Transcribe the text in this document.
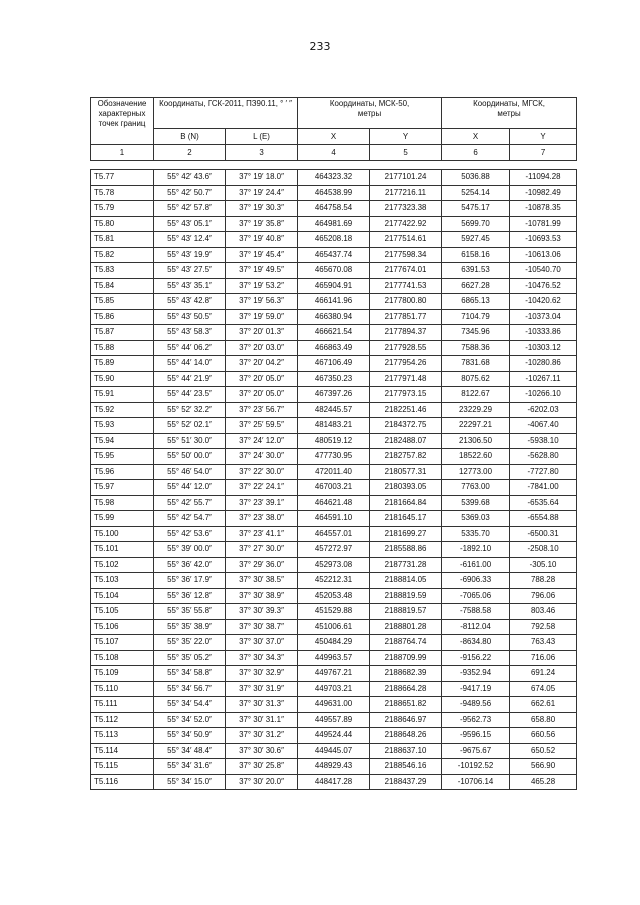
233
Обозначение
характерных
точек границ	Координаты, ГСК-2011, ПЗ90.11, ° ′ ″		Координаты, МСК-50, метры		Координаты, МГСК, метры	
	B (N)	L (E)	X	Y	X	Y
1	2	3	4	5	6	7

Т5.77	55° 42′ 43.6″	37° 19′ 18.0″	464323.32	2177101.24	5036.88	-11094.28
Т5.78	55° 42′ 50.7″	37° 19′ 24.4″	464538.99	2177216.11	5254.14	-10982.49
Т5.79	55° 42′ 57.8″	37° 19′ 30.3″	464758.54	2177323.38	5475.17	-10878.35
Т5.80	55° 43′ 05.1″	37° 19′ 35.8″	464981.69	2177422.92	5699.70	-10781.99
Т5.81	55° 43′ 12.4″	37° 19′ 40.8″	465208.18	2177514.61	5927.45	-10693.53
Т5.82	55° 43′ 19.9″	37° 19′ 45.4″	465437.74	2177598.34	6158.16	-10613.06
Т5.83	55° 43′ 27.5″	37° 19′ 49.5″	465670.08	2177674.01	6391.53	-10540.70
Т5.84	55° 43′ 35.1″	37° 19′ 53.2″	465904.91	2177741.53	6627.28	-10476.52
Т5.85	55° 43′ 42.8″	37° 19′ 56.3″	466141.96	2177800.80	6865.13	-10420.62
Т5.86	55° 43′ 50.5″	37° 19′ 59.0″	466380.94	2177851.77	7104.79	-10373.04
Т5.87	55° 43′ 58.3″	37° 20′ 01.3″	466621.54	2177894.37	7345.96	-10333.86
Т5.88	55° 44′ 06.2″	37° 20′ 03.0″	466863.49	2177928.55	7588.36	-10303.12
Т5.89	55° 44′ 14.0″	37° 20′ 04.2″	467106.49	2177954.26	7831.68	-10280.86
Т5.90	55° 44′ 21.9″	37° 20′ 05.0″	467350.23	2177971.48	8075.62	-10267.11
Т5.91	55° 44′ 23.5″	37° 20′ 05.0″	467397.26	2177973.15	8122.67	-10266.10
Т5.92	55° 52′ 32.2″	37° 23′ 56.7″	482445.57	2182251.46	23229.29	-6202.03
Т5.93	55° 52′ 02.1″	37° 25′ 59.5″	481483.21	2184372.75	22297.21	-4067.40
Т5.94	55° 51′ 30.0″	37° 24′ 12.0″	480519.12	2182488.07	21306.50	-5938.10
Т5.95	55° 50′ 00.0″	37° 24′ 30.0″	477730.95	2182757.82	18522.60	-5628.80
Т5.96	55° 46′ 54.0″	37° 22′ 30.0″	472011.40	2180577.31	12773.00	-7727.80
Т5.97	55° 44′ 12.0″	37° 22′ 24.1″	467003.21	2180393.05	7763.00	-7841.00
Т5.98	55° 42′ 55.7″	37° 23′ 39.1″	464621.48	2181664.84	5399.68	-6535.64
Т5.99	55° 42′ 54.7″	37° 23′ 38.0″	464591.10	2181645.17	5369.03	-6554.88
Т5.100	55° 42′ 53.6″	37° 23′ 41.1″	464557.01	2181699.27	5335.70	-6500.31
Т5.101	55° 39′ 00.0″	37° 27′ 30.0″	457272.97	2185588.86	-1892.10	-2508.10
Т5.102	55° 36′ 42.0″	37° 29′ 36.0″	452973.08	2187731.28	-6161.00	-305.10
Т5.103	55° 36′ 17.9″	37° 30′ 38.5″	452212.31	2188814.05	-6906.33	788.28
Т5.104	55° 36′ 12.8″	37° 30′ 38.9″	452053.48	2188819.59	-7065.06	796.06
Т5.105	55° 35′ 55.8″	37° 30′ 39.3″	451529.88	2188819.57	-7588.58	803.46
Т5.106	55° 35′ 38.9″	37° 30′ 38.7″	451006.61	2188801.28	-8112.04	792.58
Т5.107	55° 35′ 22.0″	37° 30′ 37.0″	450484.29	2188764.74	-8634.80	763.43
Т5.108	55° 35′ 05.2″	37° 30′ 34.3″	449963.57	2188709.99	-9156.22	716.06
Т5.109	55° 34′ 58.8″	37° 30′ 32.9″	449767.21	2188682.39	-9352.94	691.24
Т5.110	55° 34′ 56.7″	37° 30′ 31.9″	449703.21	2188664.28	-9417.19	674.05
Т5.111	55° 34′ 54.4″	37° 30′ 31.3″	449631.00	2188651.82	-9489.56	662.61
Т5.112	55° 34′ 52.0″	37° 30′ 31.1″	449557.89	2188646.97	-9562.73	658.80
Т5.113	55° 34′ 50.9″	37° 30′ 31.2″	449524.44	2188648.26	-9596.15	660.56
Т5.114	55° 34′ 48.4″	37° 30′ 30.6″	449445.07	2188637.10	-9675.67	650.52
Т5.115	55° 34′ 31.6″	37° 30′ 25.8″	448929.43	2188546.16	-10192.52	566.90
Т5.116	55° 34′ 15.0″	37° 30′ 20.0″	448417.28	2188437.29	-10706.14	465.28
